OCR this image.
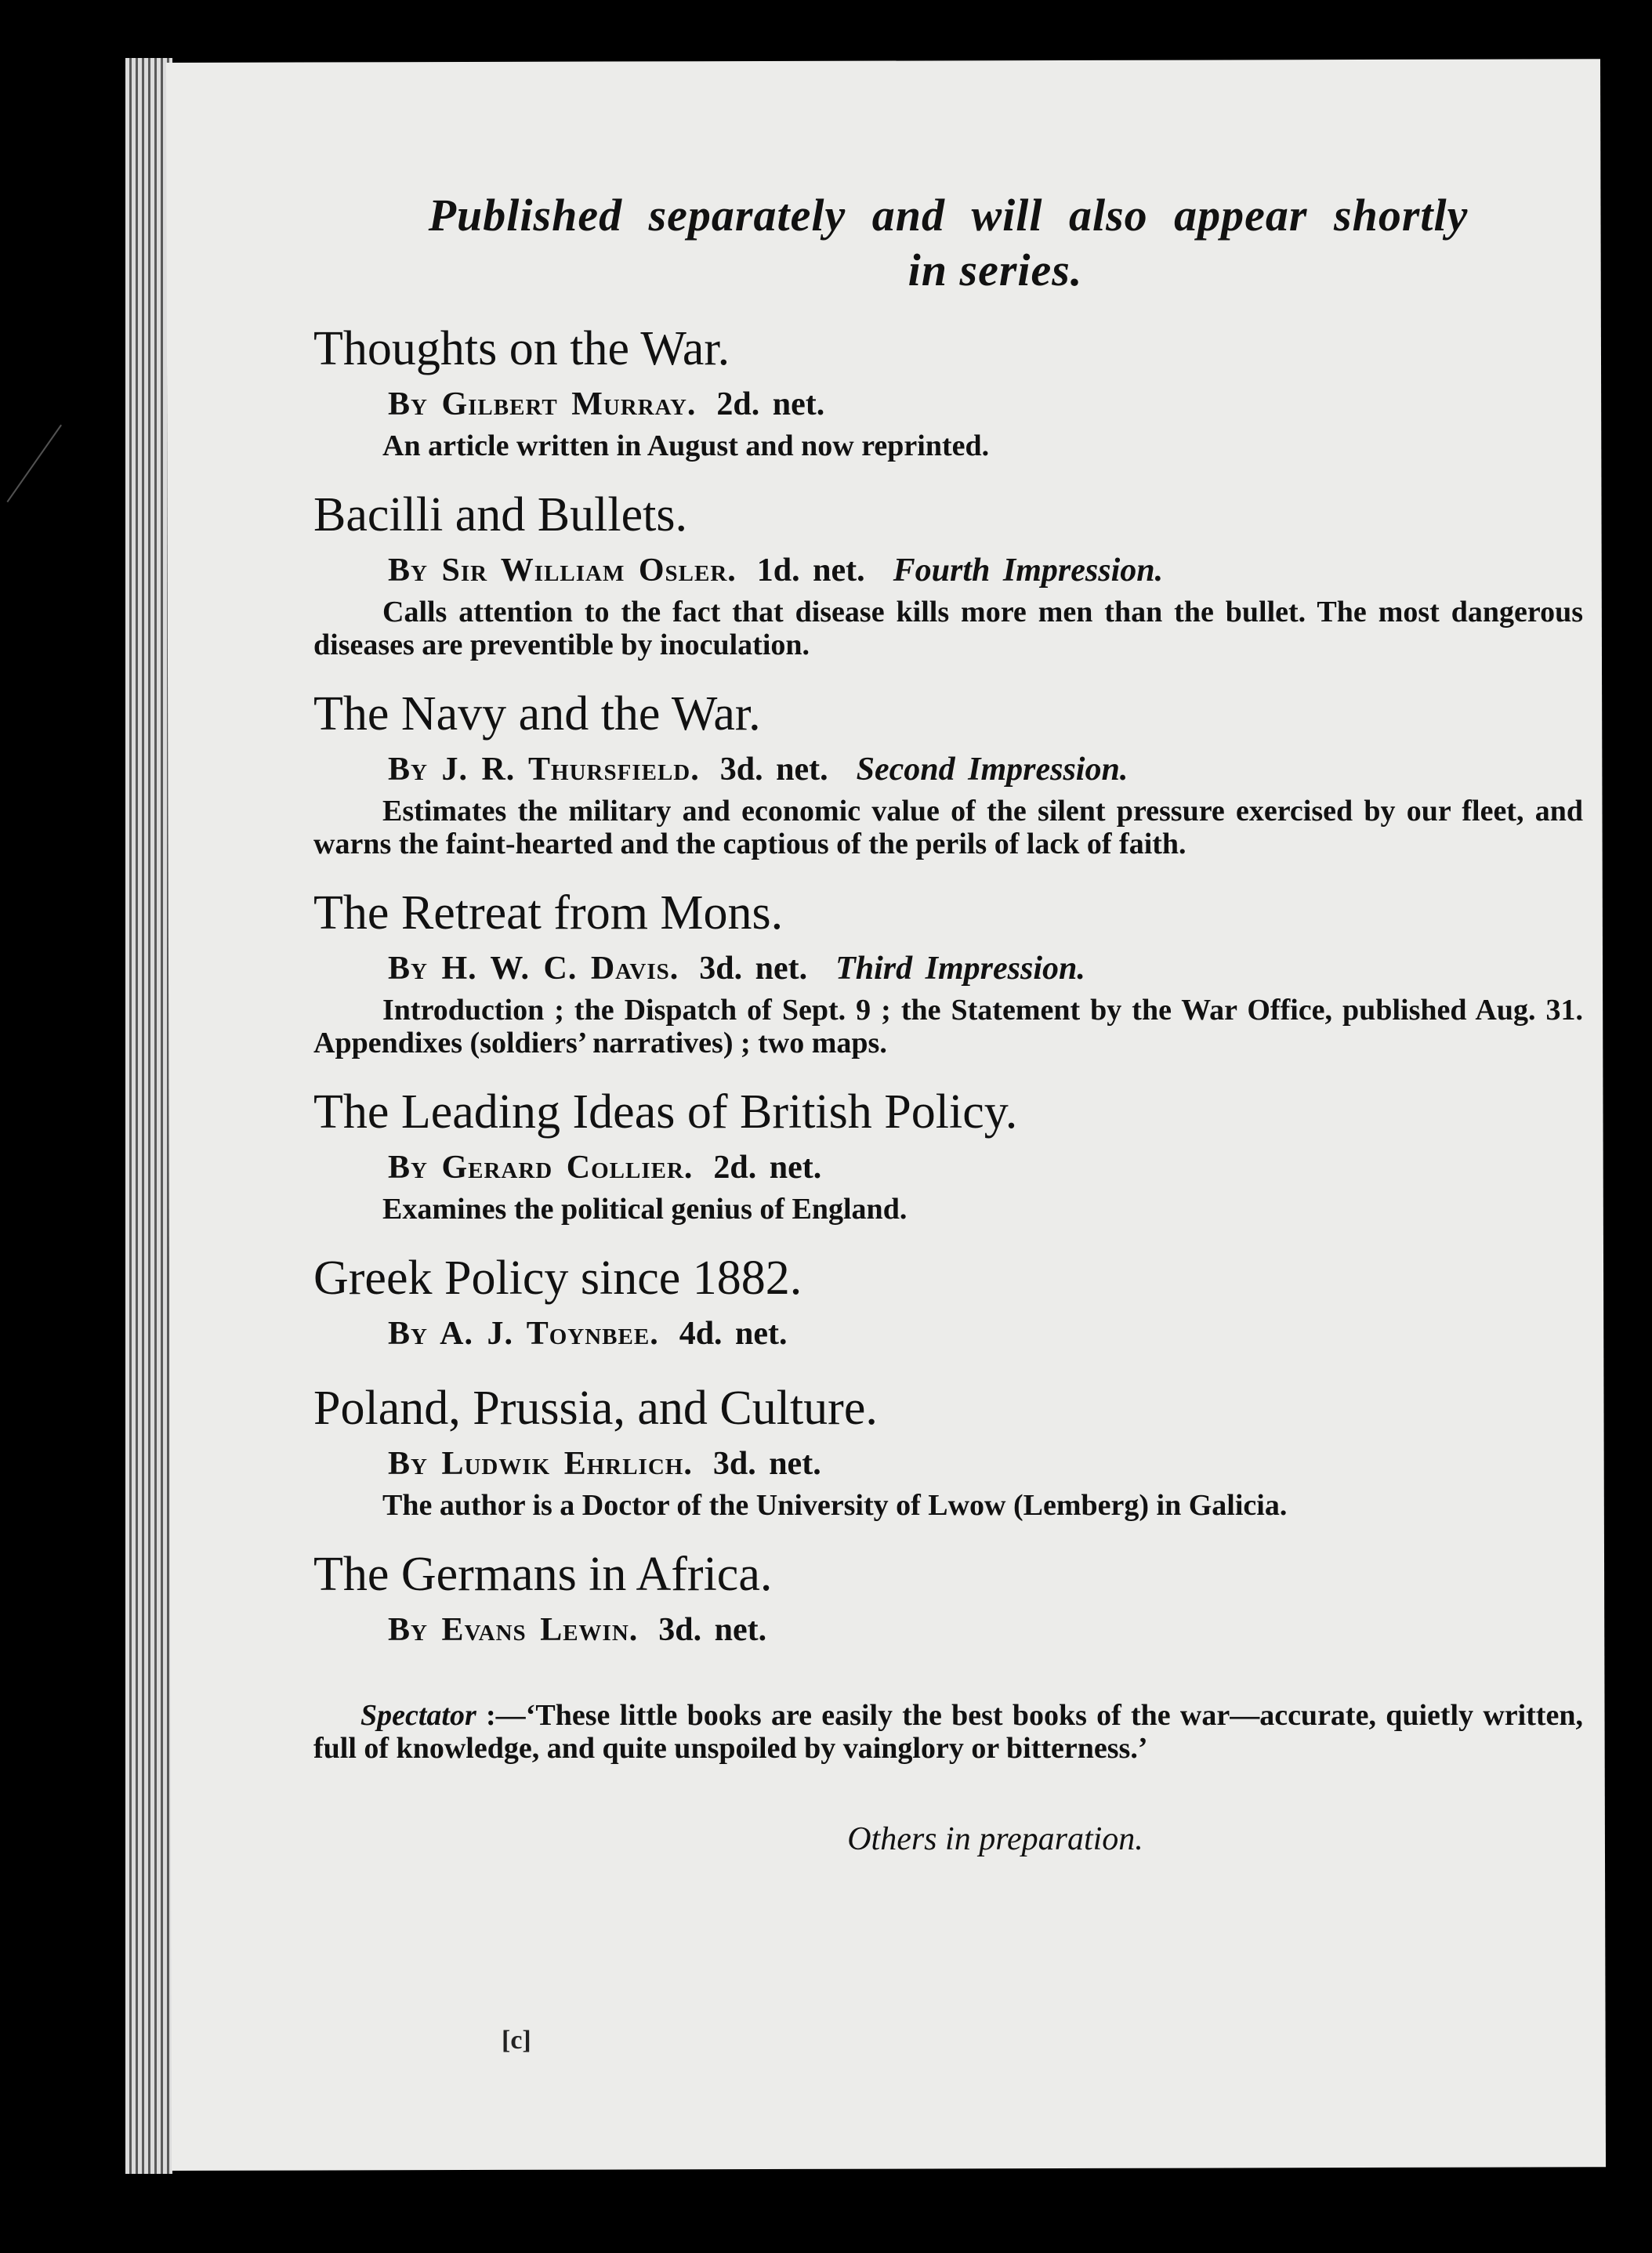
Published separately and will also appear shortly
in series.

Thoughts on the War.

By Gilbert Murray. 2d. net.

An article written in August and now reprinted.

Bacilli and Bullets.

By Sir William Osler. 1d. net. Fourth Impression.

Calls attention to the fact that disease kills more men than the bullet. The most dangerous diseases are preventible by inoculation.

The Navy and the War.

By J. R. Thursfield. 3d. net. Second Impression.

Estimates the military and economic value of the silent pressure exercised by our fleet, and warns the faint-hearted and the captious of the perils of lack of faith.

The Retreat from Mons.

By H. W. C. Davis. 3d. net. Third Impression.

Introduction ; the Dispatch of Sept. 9 ; the Statement by the War Office, published Aug. 31. Appendixes (soldiers’ narratives) ; two maps.

The Leading Ideas of British Policy.

By Gerard Collier. 2d. net.

Examines the political genius of England.

Greek Policy since 1882.

By A. J. Toynbee. 4d. net.

Poland, Prussia, and Culture.

By Ludwik Ehrlich. 3d. net.

The author is a Doctor of the University of Lwow (Lemberg) in Galicia.

The Germans in Africa.

By Evans Lewin. 3d. net.

Spectator :—‘These little books are easily the best books of the war—accurate, quietly written, full of knowledge, and quite unspoiled by vainglory or bitterness.’

Others in preparation.

[c]
